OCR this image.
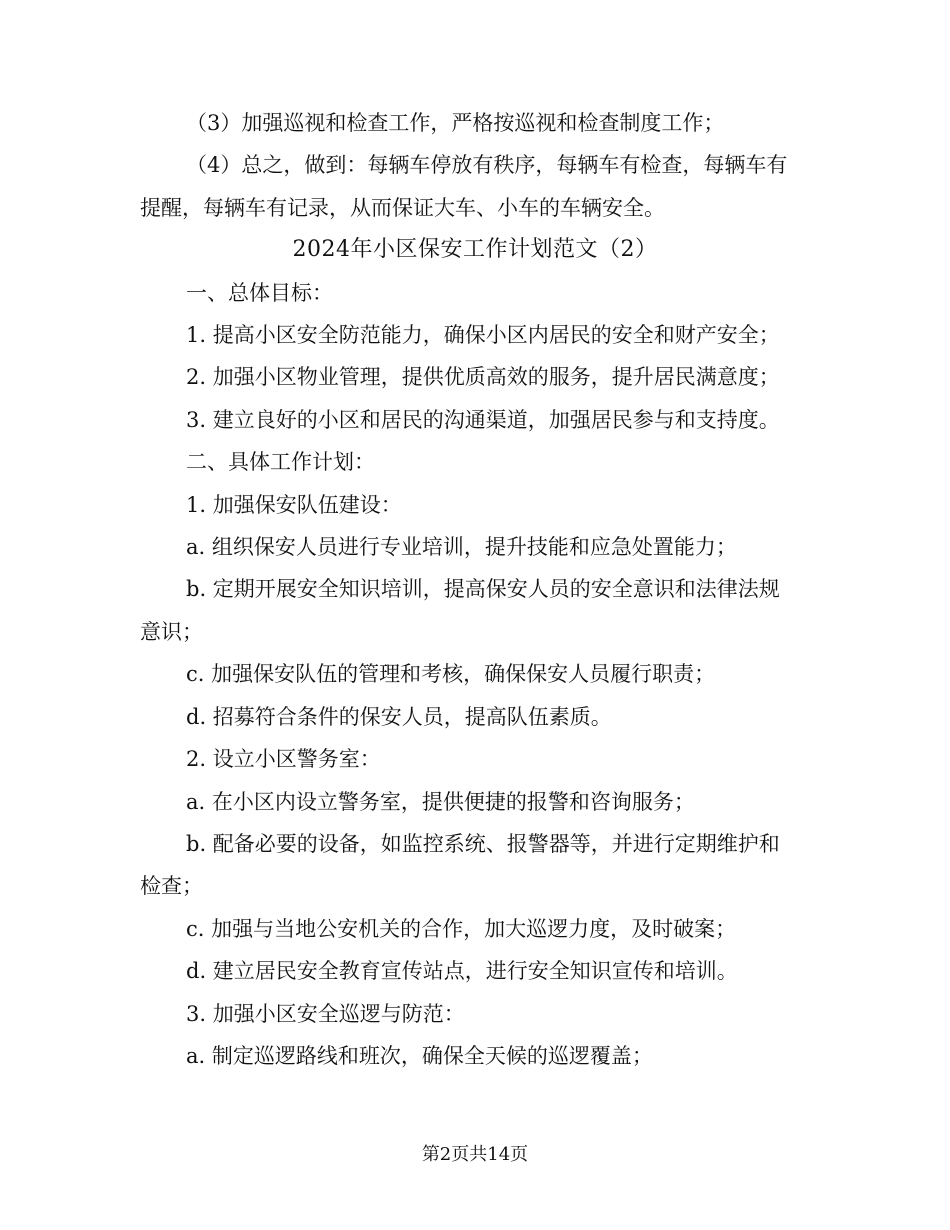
（3）加强巡视和检查工作，严格按巡视和检查制度工作；

（4）总之，做到：每辆车停放有秩序，每辆车有检查，每辆车有

提醒，每辆车有记录，从而保证大车、小车的车辆安全。

2024年小区保安工作计划范文（2）

一、总体目标：

1. 提高小区安全防范能力，确保小区内居民的安全和财产安全；

2. 加强小区物业管理，提供优质高效的服务，提升居民满意度；

3. 建立良好的小区和居民的沟通渠道，加强居民参与和支持度。

二、具体工作计划：

1. 加强保安队伍建设：

a. 组织保安人员进行专业培训，提升技能和应急处置能力；

b. 定期开展安全知识培训，提高保安人员的安全意识和法律法规

意识；

c. 加强保安队伍的管理和考核，确保保安人员履行职责；

d. 招募符合条件的保安人员，提高队伍素质。

2. 设立小区警务室：

a. 在小区内设立警务室，提供便捷的报警和咨询服务；

b. 配备必要的设备，如监控系统、报警器等，并进行定期维护和

检查；

c. 加强与当地公安机关的合作，加大巡逻力度，及时破案；

d. 建立居民安全教育宣传站点，进行安全知识宣传和培训。

3. 加强小区安全巡逻与防范：

a. 制定巡逻路线和班次，确保全天候的巡逻覆盖；

第2页共14页
